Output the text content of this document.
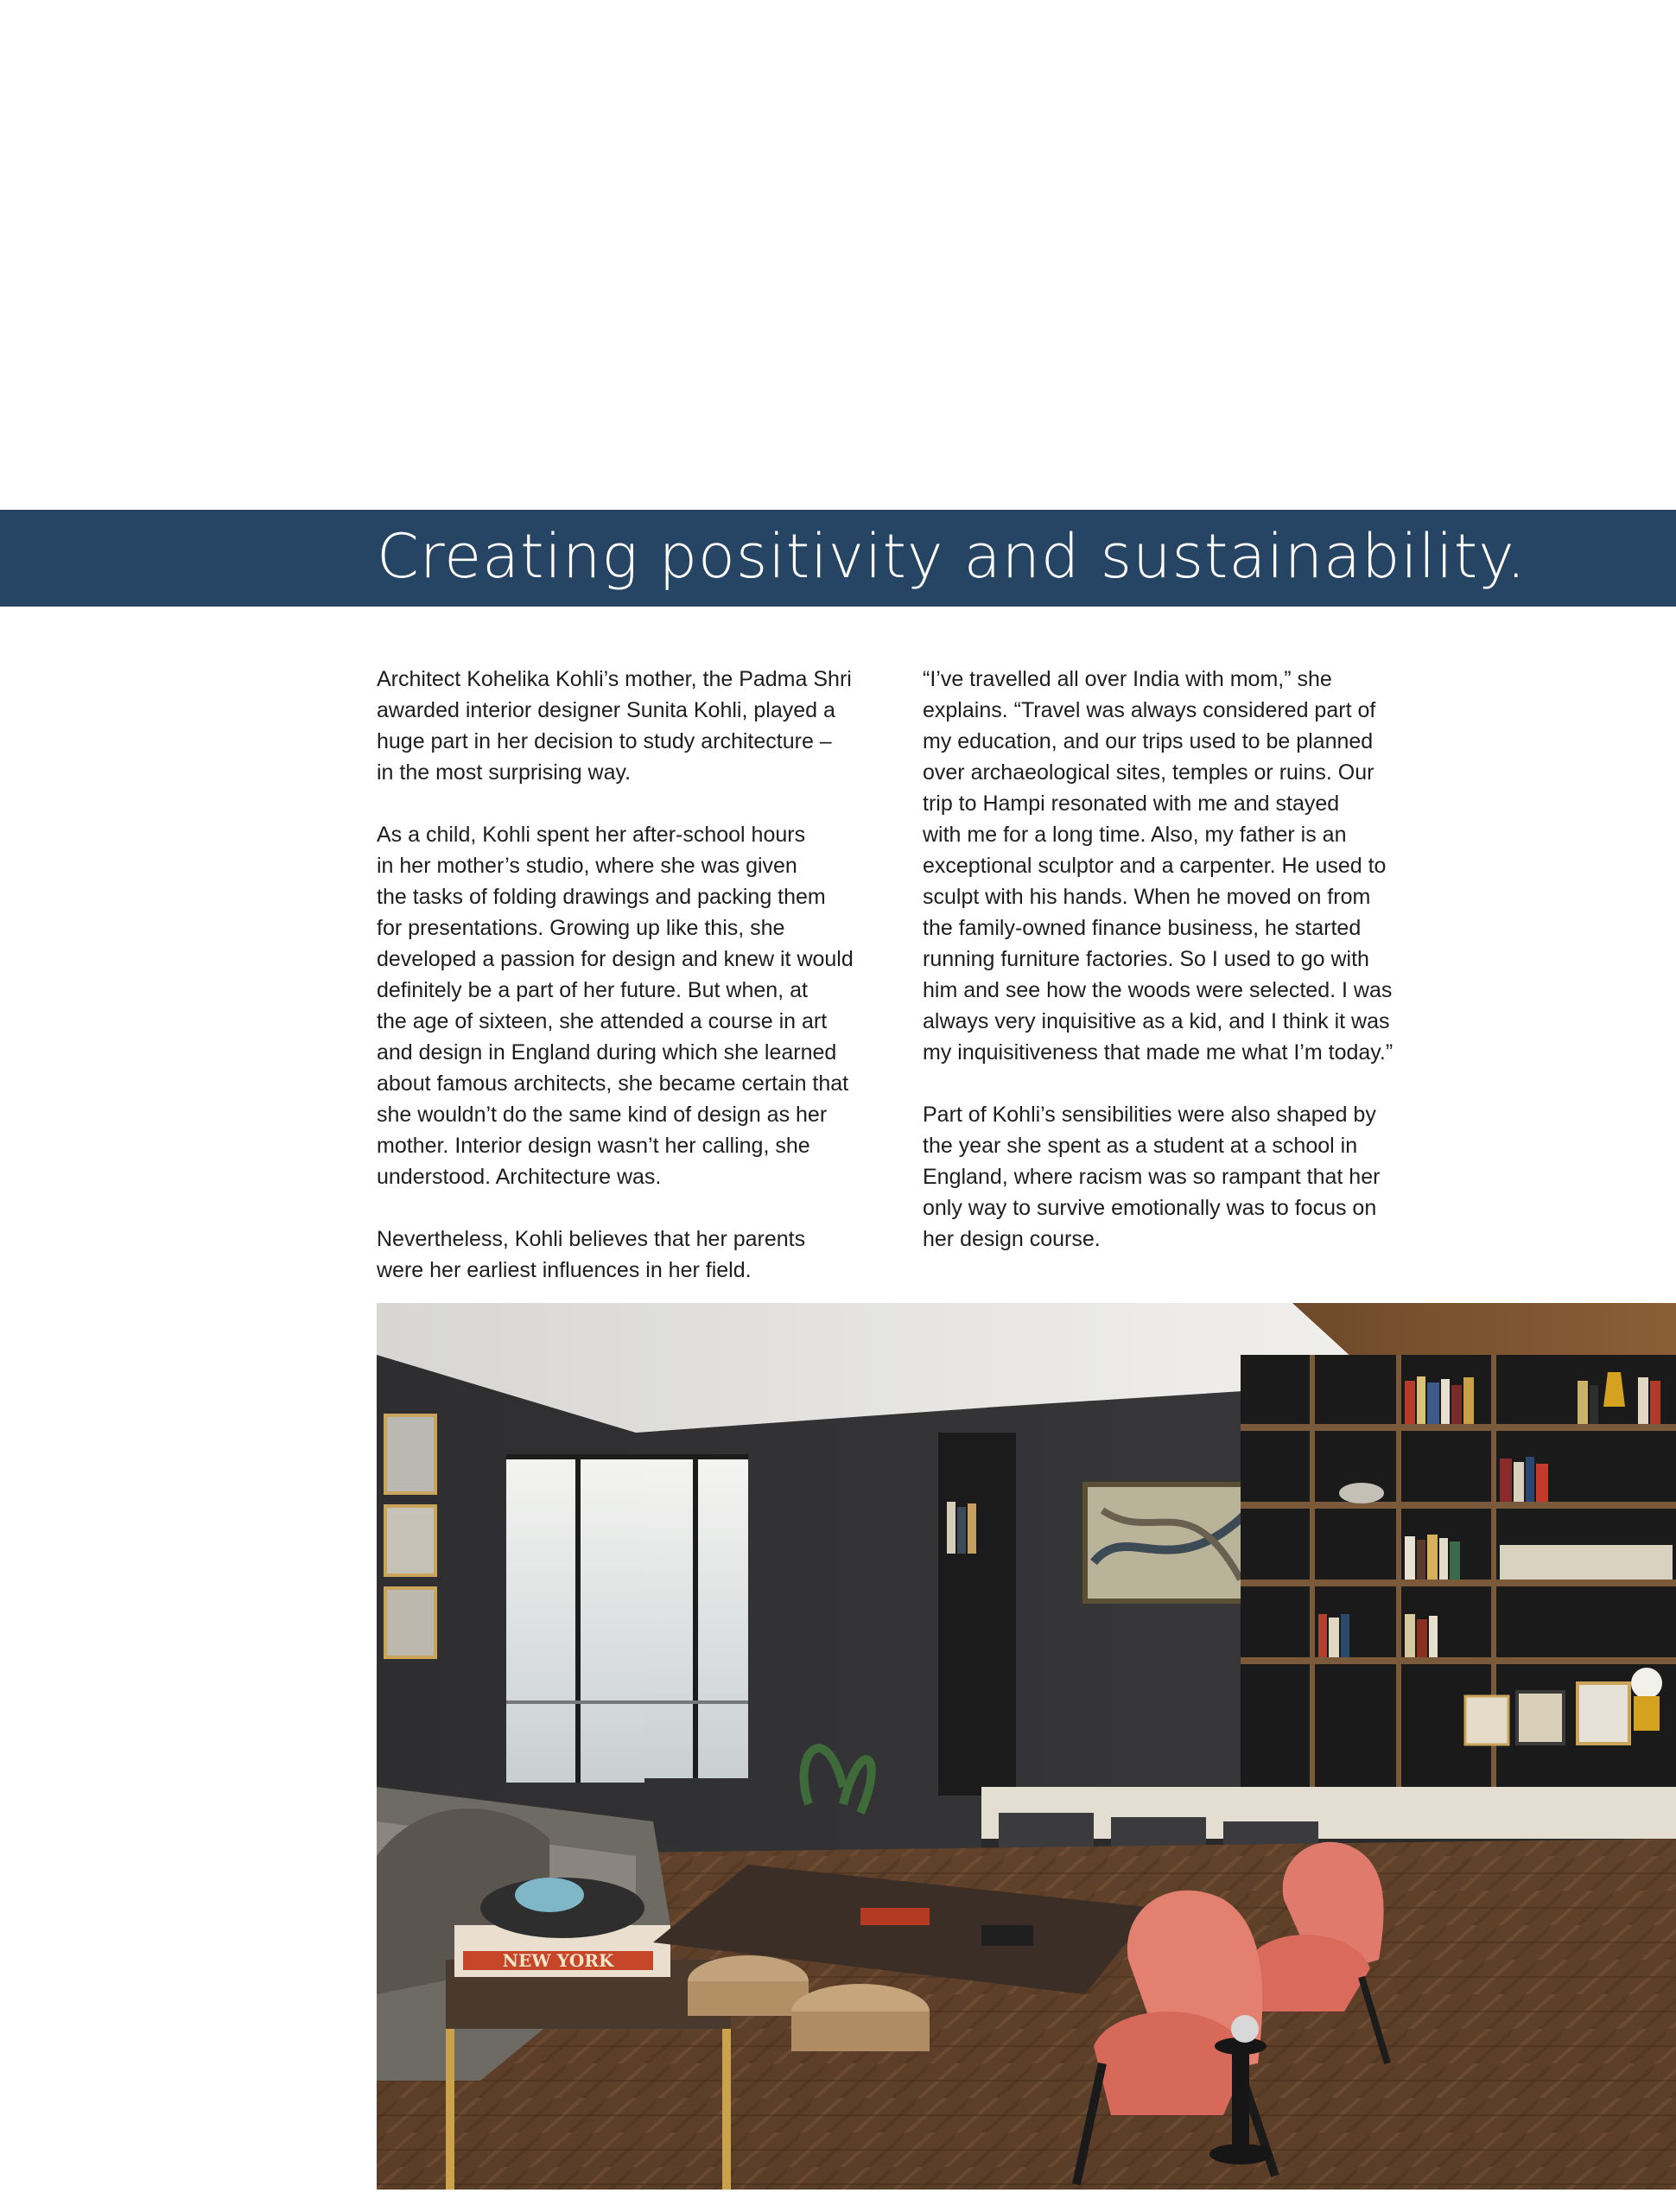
Creating positivity and sustainability.

Architect Kohelika Kohli’s mother, the Padma Shri
awarded interior designer Sunita Kohli, played a
huge part in her decision to study architecture –
in the most surprising way.

As a child, Kohli spent her after-school hours
in her mother’s studio, where she was given
the tasks of folding drawings and packing them
for presentations. Growing up like this, she
developed a passion for design and knew it would
definitely be a part of her future. But when, at
the age of sixteen, she attended a course in art
and design in England during which she learned
about famous architects, she became certain that
she wouldn’t do the same kind of design as her
mother. Interior design wasn’t her calling, she
understood. Architecture was.

Nevertheless, Kohli believes that her parents
were her earliest influences in her field.

“I’ve travelled all over India with mom,” she
explains. “Travel was always considered part of
my education, and our trips used to be planned
over archaeological sites, temples or ruins. Our
trip to Hampi resonated with me and stayed
with me for a long time. Also, my father is an
exceptional sculptor and a carpenter. He used to
sculpt with his hands. When he moved on from
the family-owned finance business, he started
running furniture factories. So I used to go with
him and see how the woods were selected. I was
always very inquisitive as a kid, and I think it was
my inquisitiveness that made me what I’m today.”

Part of Kohli’s sensibilities were also shaped by
the year she spent as a student at a school in
England, where racism was so rampant that her
only way to survive emotionally was to focus on
her design course.

NEW YORK
